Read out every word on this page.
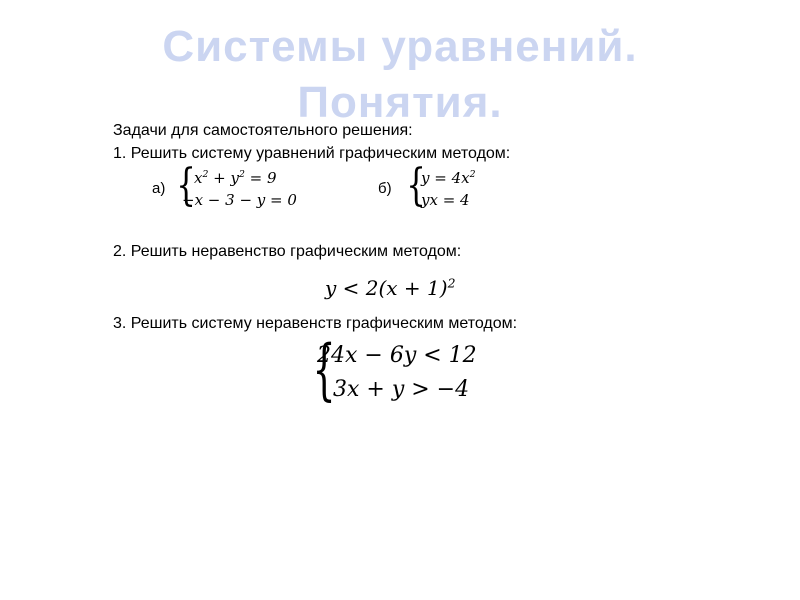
Системы уравнений.
Понятия.
Задачи для самостоятельного решения:
1. Решить систему уравнений графическим методом:
а) {
$x^2 + y^2 = 9$
−x − 3 − y = 0
б) {
$y = 4x^2$
yx = 4
2. Решить неравенство графическим методом:
$y < 2(x + 1)^2$
3. Решить систему неравенств графическим методом:
{
24x − 6y < 12
3x + y > −4
